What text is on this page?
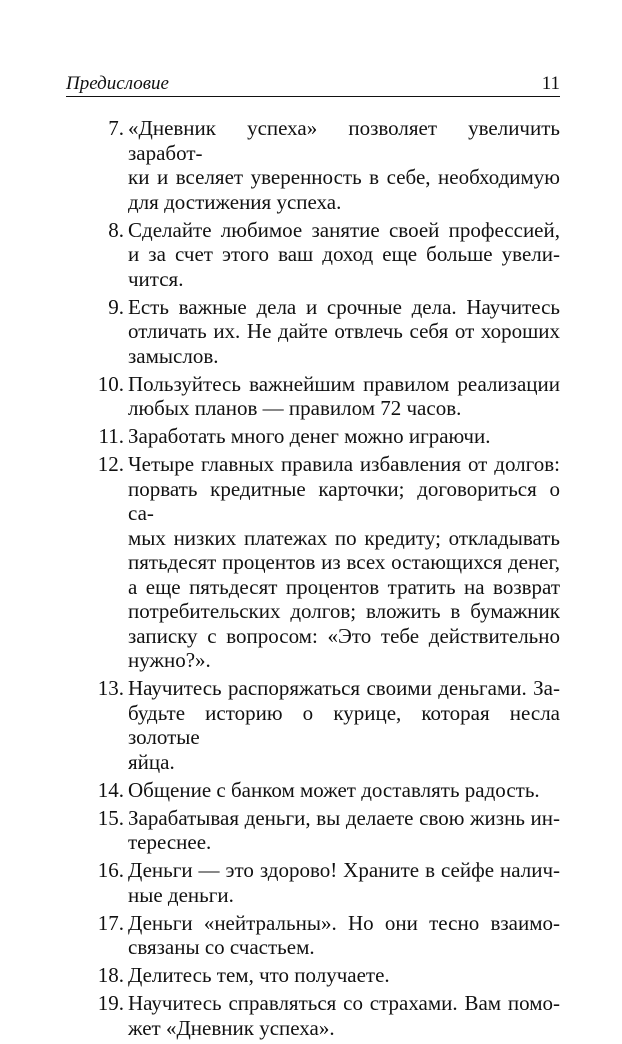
Предисловие	11
7. «Дневник успеха» позволяет увеличить заработ-
ки и вселяет уверенность в себе, необходимую
для достижения успеха.
8. Сделайте любимое занятие своей профессией,
и за счет этого ваш доход еще больше увели-
чится.
9. Есть важные дела и срочные дела. Научитесь
отличать их. Не дайте отвлечь себя от хороших
замыслов.
10. Пользуйтесь важнейшим правилом реализации
любых планов — правилом 72 часов.
11. Заработать много денег можно играючи.
12. Четыре главных правила избавления от долгов:
порвать кредитные карточки; договориться о са-
мых низких платежах по кредиту; откладывать
пятьдесят процентов из всех остающихся денег,
а еще пятьдесят процентов тратить на возврат
потребительских долгов; вложить в бумажник
записку с вопросом: «Это тебе действительно
нужно?».
13. Научитесь распоряжаться своими деньгами. За-
будьте историю о курице, которая несла золотые
яйца.
14. Общение с банком может доставлять радость.
15. Зарабатывая деньги, вы делаете свою жизнь ин-
тереснее.
16. Деньги — это здорово! Храните в сейфе налич-
ные деньги.
17. Деньги «нейтральны». Но они тесно взаимо-
связаны со счастьем.
18. Делитесь тем, что получаете.
19. Научитесь справляться со страхами. Вам помо-
жет «Дневник успеха».
